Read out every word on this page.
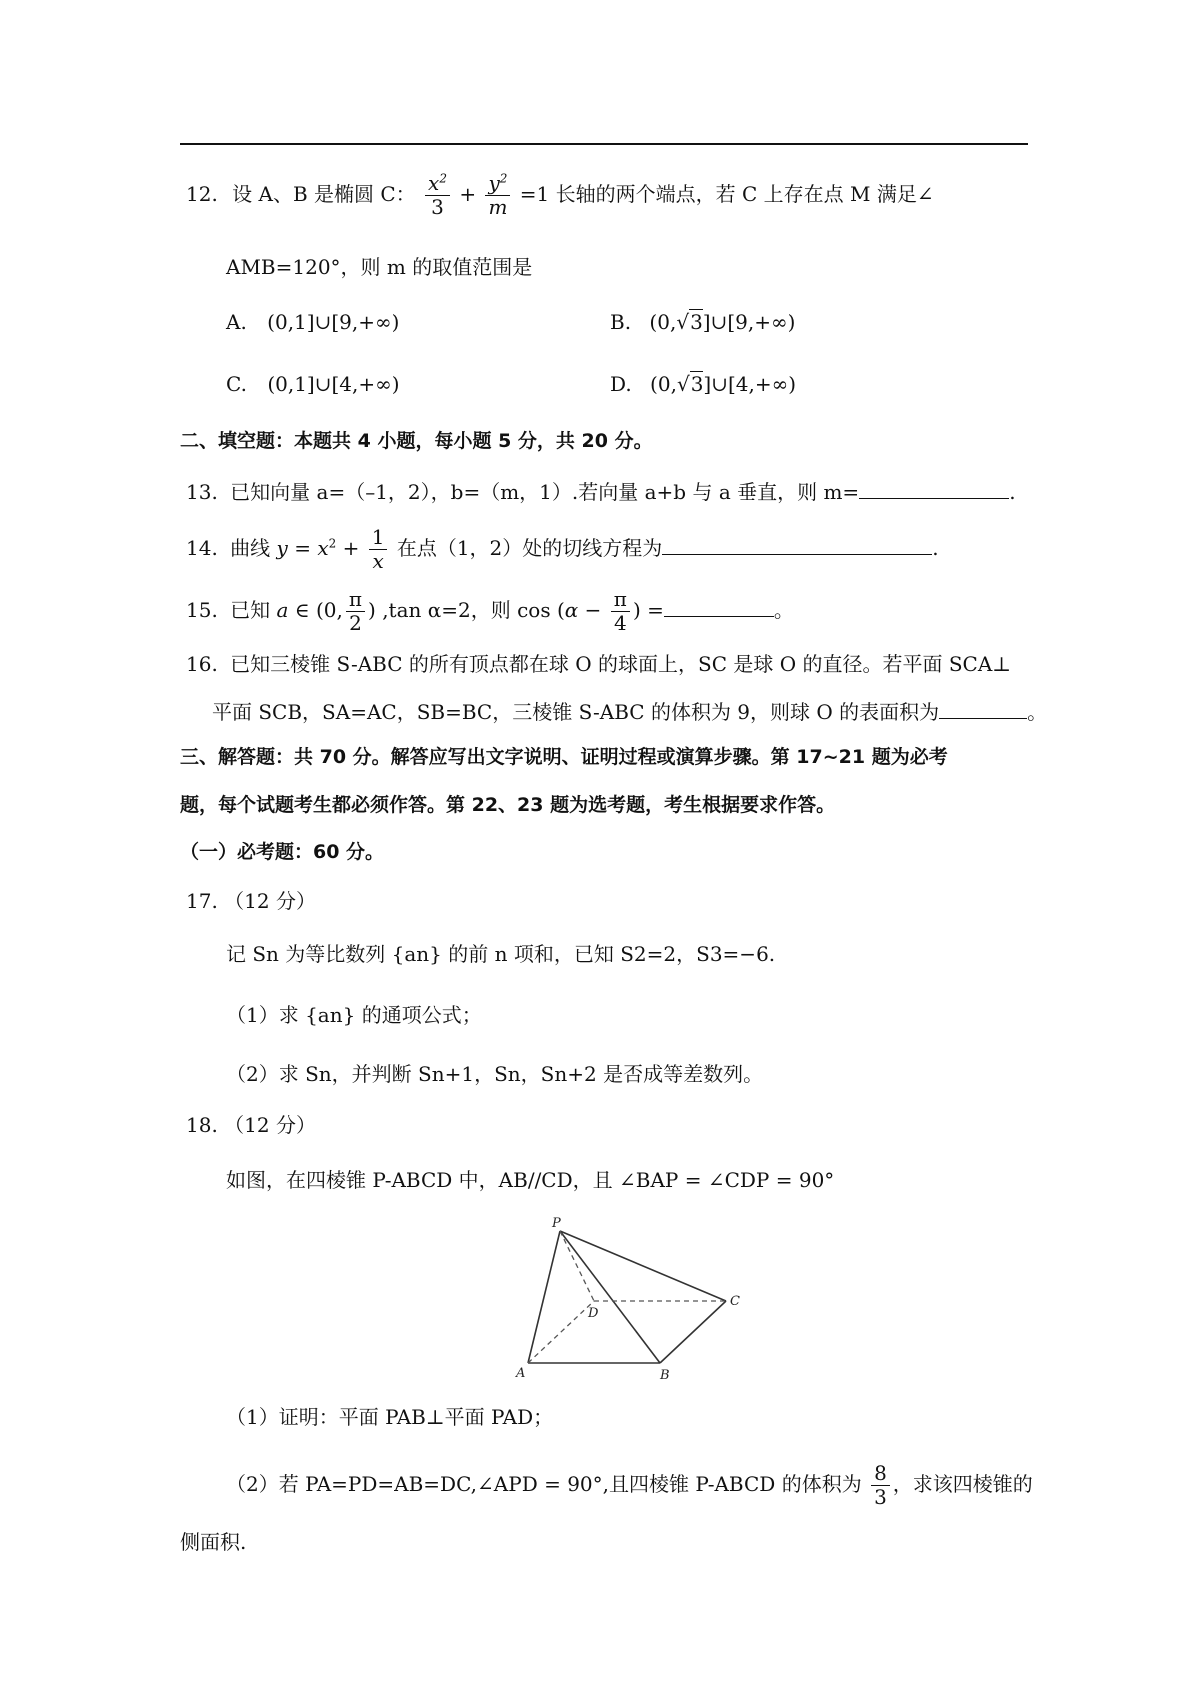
12. 设 A、B 是椭圆 C： $\frac{x^2}{3} + \frac{y^2}{m} =1$ 长轴的两个端点，若 C 上存在点 M 满足∠
AMB=120°，则 m 的取值范围是
A. (0,1]∪[9,+∞)	B. (0,√3]∪[9,+∞)
C. (0,1]∪[4,+∞)	D. (0,√3]∪[4,+∞)
二、填空题：本题共 4 小题，每小题 5 分，共 20 分。
13. 已知向量 a=（–1，2），b=（m，1）.若向量 a+b 与 a 垂直，则 m=	.
14. 曲线 $y = x^2 + \frac{1}{x}$ 在点（1，2）处的切线方程为	.
15. 已知 a ∈ (0, $\frac{\pi}{2}$ ) ,tan α=2，则 $\cos (\alpha - \frac{\pi}{4}$ ) =	。
16. 已知三棱锥 S-ABC 的所有顶点都在球 O 的球面上，SC 是球 O 的直径。若平面 SCA⊥
平面 SCB，SA=AC，SB=BC，三棱锥 S-ABC 的体积为 9，则球 O 的表面积为	。
三、解答题：共 70 分。解答应写出文字说明、证明过程或演算步骤。第 17~21 题为必考
题，每个试题考生都必须作答。第 22、23 题为选考题，考生根据要求作答。
（一）必考题：60 分。
17. （12 分）
记 Sn 为等比数列 {an} 的前 n 项和，已知 S2=2，S3=−6.
（1）求 {an} 的通项公式；
（2）求 Sn，并判断 Sn+1，Sn，Sn+2 是否成等差数列。
18. （12 分）
如图，在四棱锥 P-ABCD 中，AB//CD，且 ∠BAP = ∠CDP = 90°
P
A	B
C
D
（1）证明：平面 PAB⊥平面 PAD；
（2）若 PA=PD=AB=DC,∠APD = 90°,且四棱锥 P-ABCD 的体积为 $\frac{8}{3}$ ，求该四棱锥的
侧面积.
